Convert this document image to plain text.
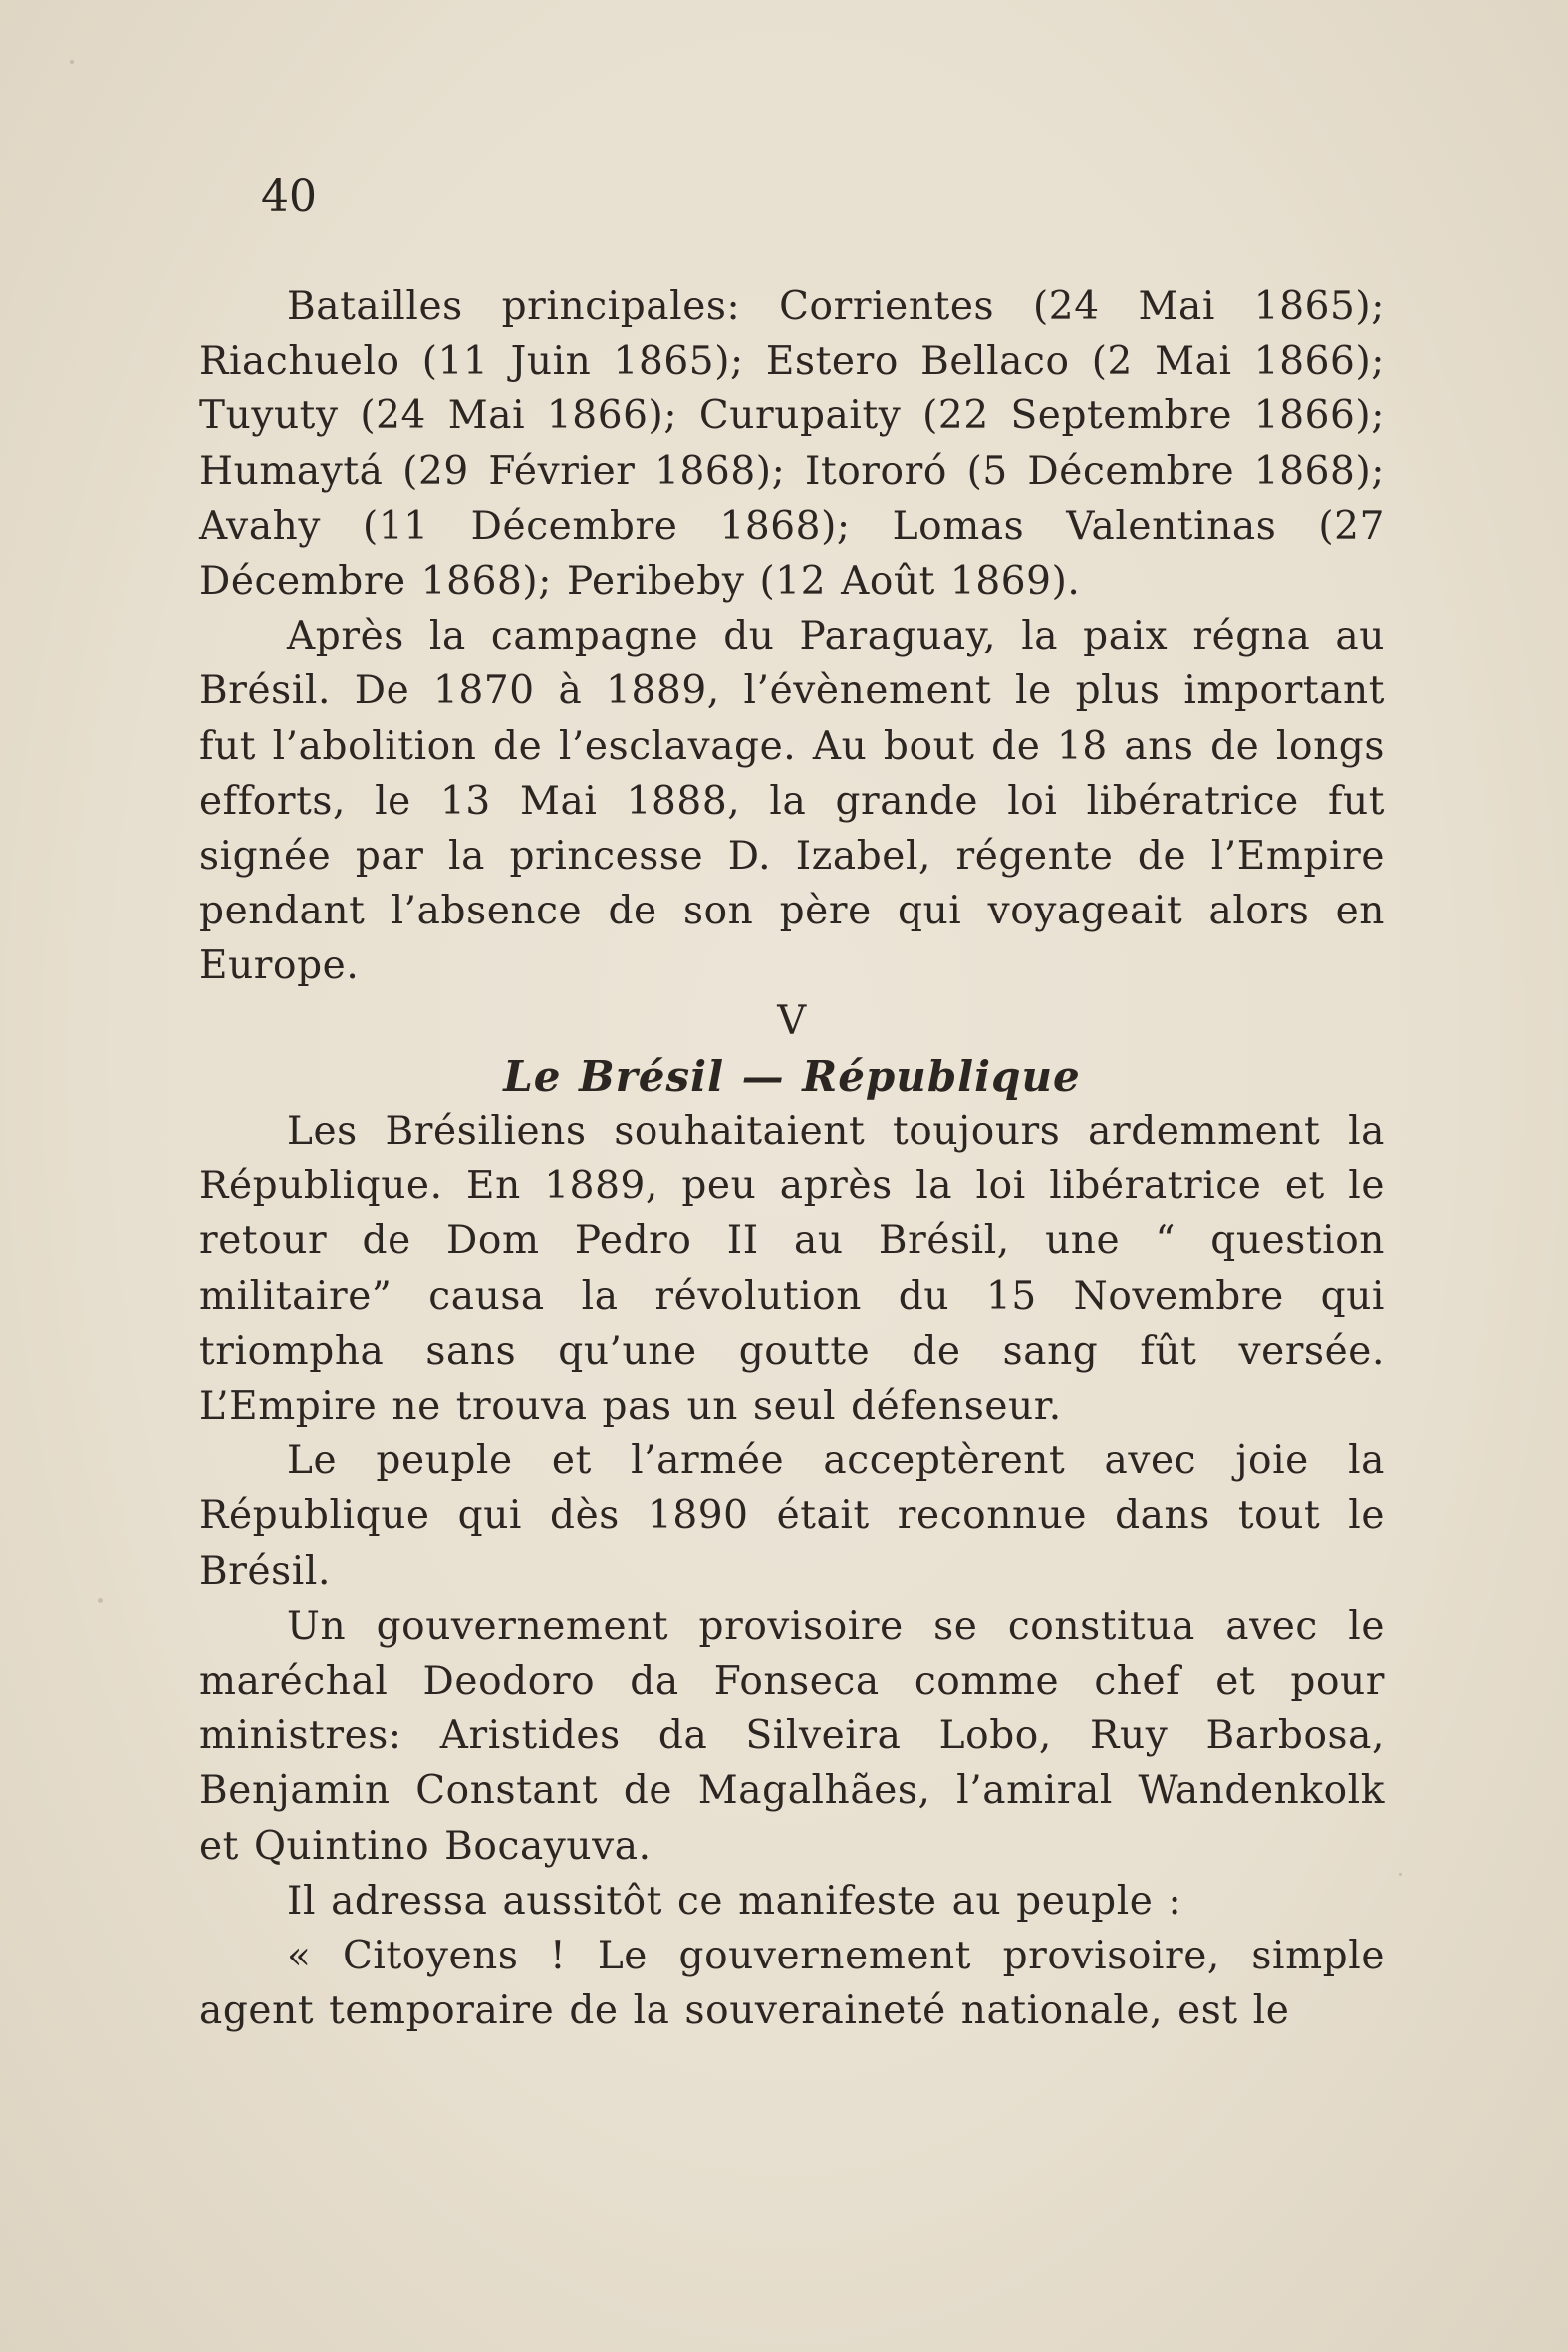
40

Batailles principales: Corrientes (24 Mai 1865); Riachuelo (11 Juin 1865); Estero Bellaco (2 Mai 1866); Tuyuty (24 Mai 1866); Curupaity (22 Septembre 1866); Humaytá (29 Février 1868); Itororó (5 Décembre 1868); Avahy (11 Décembre 1868); Lomas Valentinas (27 Décembre 1868); Peribeby (12 Août 1869).

Après la campagne du Paraguay, la paix régna au Brésil. De 1870 à 1889, l’évènement le plus important fut l’abolition de l’esclavage. Au bout de 18 ans de longs efforts, le 13 Mai 1888, la grande loi libératrice fut signée par la princesse D. Izabel, régente de l’Empire pendant l’absence de son père qui voyageait alors en Europe.

V

Le Brésil — République

Les Brésiliens souhaitaient toujours ardemment la République. En 1889, peu après la loi libératrice et le retour de Dom Pedro II au Brésil, une “ question militaire” causa la révolution du 15 Novembre qui triompha sans qu’une goutte de sang fût versée. L’Empire ne trouva pas un seul défenseur.

Le peuple et l’armée acceptèrent avec joie la République qui dès 1890 était reconnue dans tout le Brésil.

Un gouvernement provisoire se constitua avec le maréchal Deodoro da Fonseca comme chef et pour ministres: Aristides da Silveira Lobo, Ruy Barbosa, Benjamin Constant de Magalhães, l’amiral Wandenkolk et Quintino Bocayuva.

Il adressa aussitôt ce manifeste au peuple :

« Citoyens ! Le gouvernement provisoire, simple agent temporaire de la souveraineté nationale, est le
